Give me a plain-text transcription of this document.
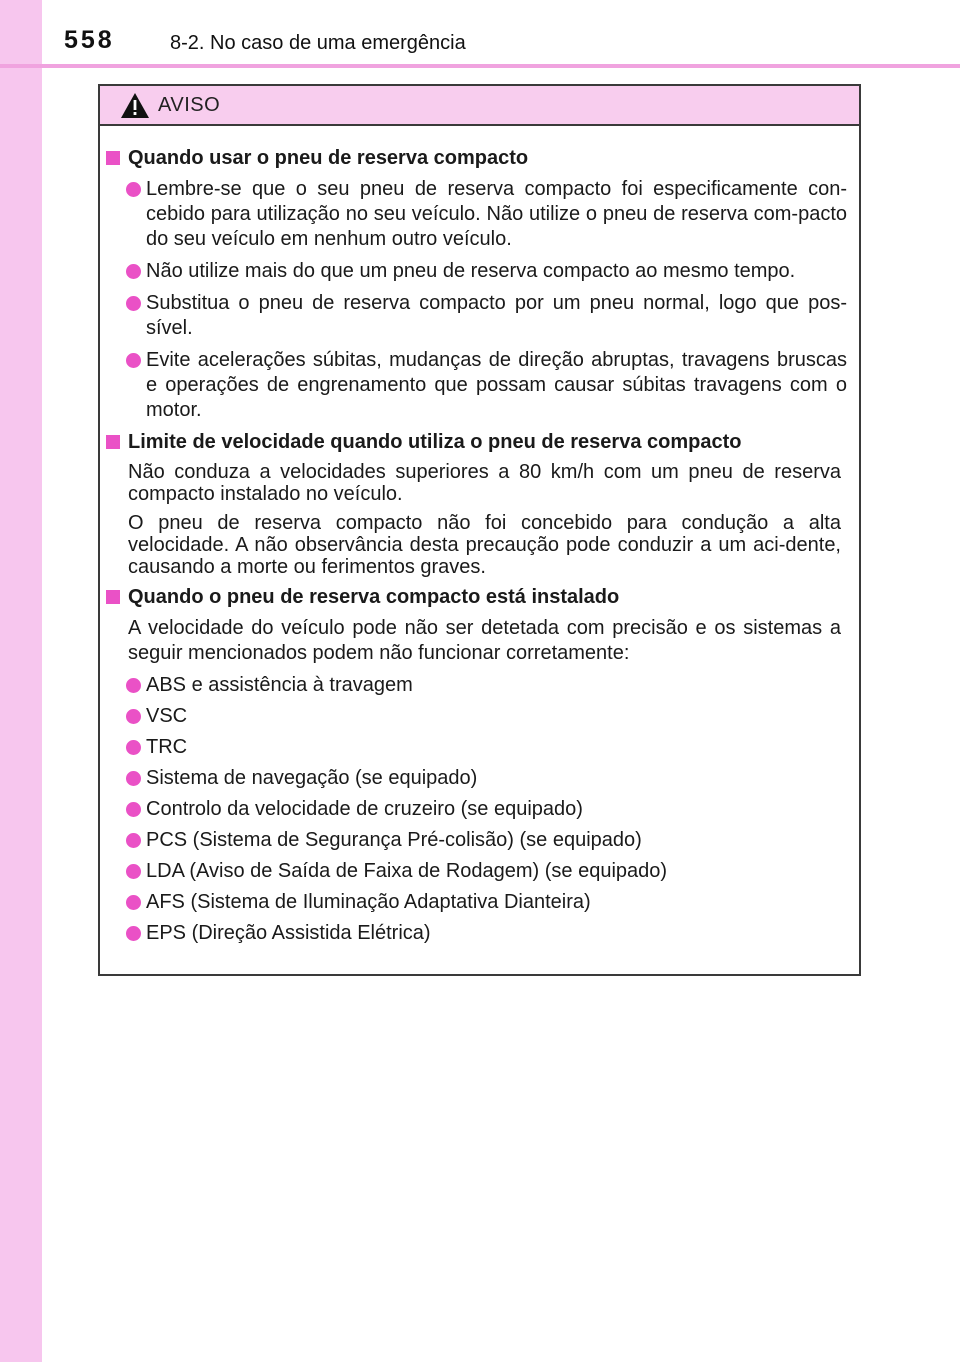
558	8-2. No caso de uma emergência
AVISO
Quando usar o pneu de reserva compacto
Lembre-se que o seu pneu de reserva compacto foi especificamente con-cebido para utilização no seu veículo. Não utilize o pneu de reserva com-pacto do seu veículo em nenhum outro veículo.
Não utilize mais do que um pneu de reserva compacto ao mesmo tempo.
Substitua o pneu de reserva compacto por um pneu normal, logo que pos-sível.
Evite acelerações súbitas, mudanças de direção abruptas, travagens bruscas e operações de engrenamento que possam causar súbitas travagens com o motor.
Limite de velocidade quando utiliza o pneu de reserva compacto
Não conduza a velocidades superiores a 80 km/h com um pneu de reserva compacto instalado no veículo.
O pneu de reserva compacto não foi concebido para condução a alta velocidade. A não observância desta precaução pode conduzir a um aci-dente, causando a morte ou ferimentos graves.
Quando o pneu de reserva compacto está instalado
A velocidade do veículo pode não ser detetada com precisão e os sistemas a seguir mencionados podem não funcionar corretamente:
ABS e assistência à travagem
VSC
TRC
Sistema de navegação (se equipado)
Controlo da velocidade de cruzeiro (se equipado)
PCS (Sistema de Segurança Pré-colisão) (se equipado)
LDA (Aviso de Saída de Faixa de Rodagem) (se equipado)
AFS (Sistema de Iluminação Adaptativa Dianteira)
EPS (Direção Assistida Elétrica)
